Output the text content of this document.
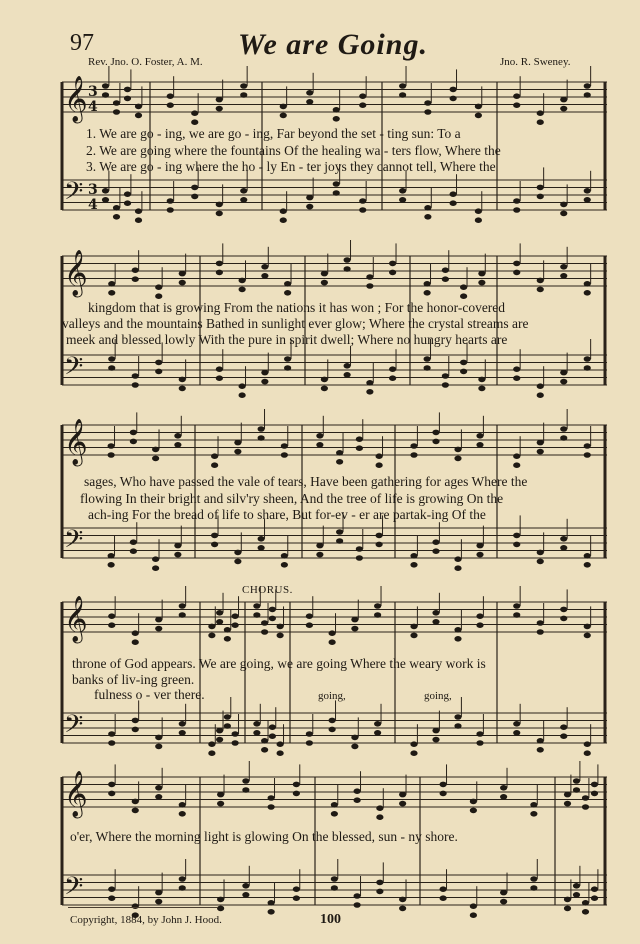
97	We are Going.
Rev. Jno. O. Foster, A. M.	Jno. R. Sweney.
𝄞
𝄢
𝄞
𝄢
𝄞
𝄢
𝄞
𝄢
𝄞
𝄢
3
4
3
4
1. We are go - ing, we are go - ing, Far beyond the set - ting sun: To a
2. We are going where the fountains Of the healing wa - ters flow, Where the
3. We are go - ing where the ho - ly En - ter joys they cannot tell, Where the
kingdom that is growing From the nations it has won ; For the honor-covered
valleys and the mountains Bathed in sunlight ever glow; Where the crystal streams are
meek and blessed lowly With the pure in spirit dwell; Where no hungry hearts are
sages, Who have passed the vale of tears, Have been gathering for ages Where the
flowing In their bright and silv'ry sheen, And the tree of life is growing On the
ach-ing For the bread of life to share, But for-ev - er are partak-ing Of the
CHORUS.
throne of God appears. We are going, we are going Where the weary work is
banks of liv-ing green.
fulness o - ver there.	going,	going,
o'er, Where the morning light is glowing On the blessed, sun - ny shore.
Copyright, 1884, by John J. Hood.	100
